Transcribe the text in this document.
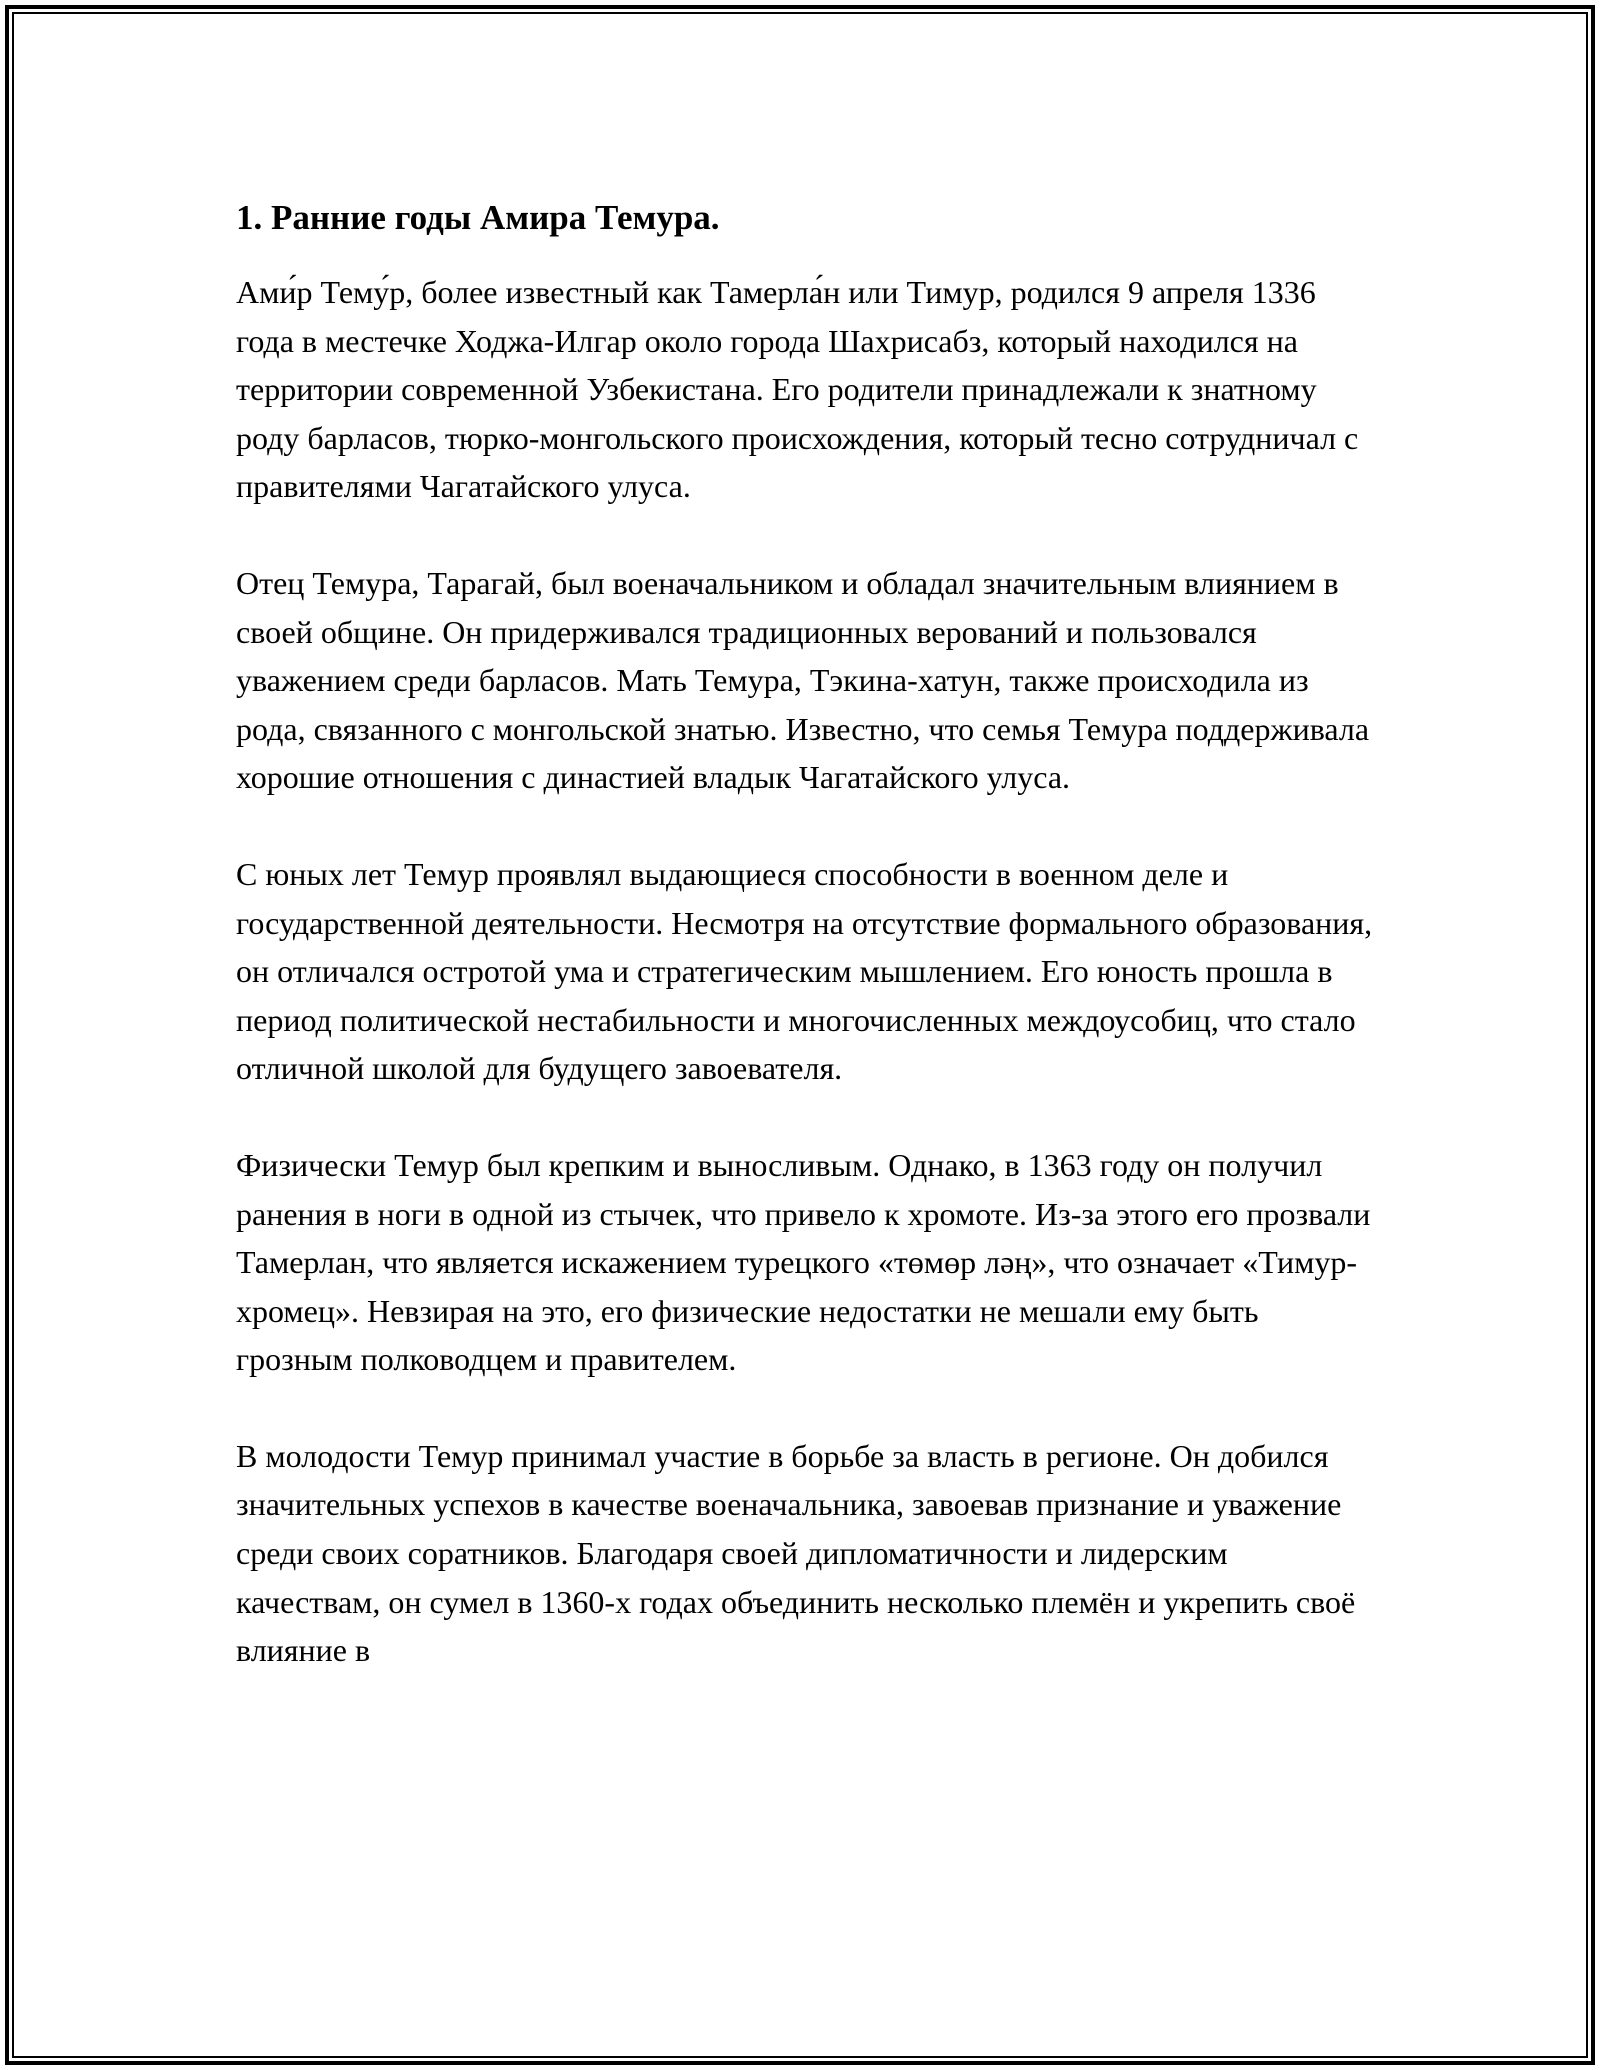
1. Ранние годы Амира Темура.

Ами́р Тему́р, более известный как Тамерла́н или Тимур, родился 9 апреля 1336 года в местечке Ходжа-Илгар около города Шахрисабз, который находился на территории современной Узбекистана. Его родители принадлежали к знатному роду барласов, тюрко-монгольского происхождения, который тесно сотрудничал с правителями Чагатайского улуса.

Отец Темура, Тарагай, был военачальником и обладал значительным влиянием в своей общине. Он придерживался традиционных верований и пользовался уважением среди барласов. Мать Темура, Тэкина-хатун, также происходила из рода, связанного с монгольской знатью. Известно, что семья Темура поддерживала хорошие отношения с династией владык Чагатайского улуса.

С юных лет Темур проявлял выдающиеся способности в военном деле и государственной деятельности. Несмотря на отсутствие формального образования, он отличался остротой ума и стратегическим мышлением. Его юность прошла в период политической нестабильности и многочисленных междоусобиц, что стало отличной школой для будущего завоевателя.

Физически Темур был крепким и выносливым. Однако, в 1363 году он получил ранения в ноги в одной из стычек, что привело к хромоте. Из-за этого его прозвали Тамерлан, что является искажением турецкого «төмөр ләң», что означает «Тимур-хромец». Невзирая на это, его физические недостатки не мешали ему быть грозным полководцем и правителем.

В молодости Темур принимал участие в борьбе за власть в регионе. Он добился значительных успехов в качестве военачальника, завоевав признание и уважение среди своих соратников. Благодаря своей дипломатичности и лидерским качествам, он сумел в 1360-х годах объединить несколько племён и укрепить своё влияние в
